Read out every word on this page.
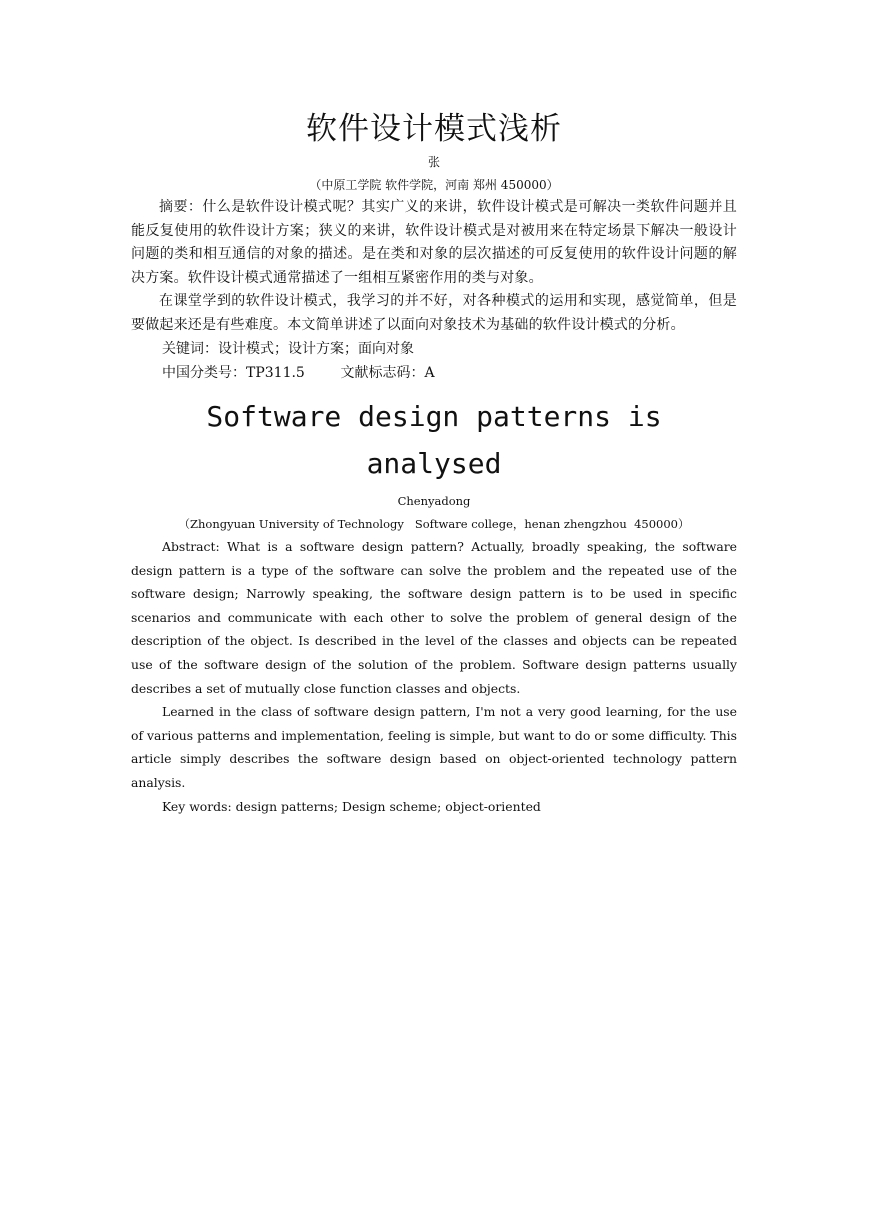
软件设计模式浅析
张
（中原工学院 软件学院，河南 郑州 450000）

摘要：什么是软件设计模式呢？其实广义的来讲，软件设计模式是可解决一类软件问题并且能反复使用的软件设计方案；狭义的来讲，软件设计模式是对被用来在特定场景下解决一般设计问题的类和相互通信的对象的描述。是在类和对象的层次描述的可反复使用的软件设计问题的解决方案。软件设计模式通常描述了一组相互紧密作用的类与对象。

在课堂学到的软件设计模式，我学习的并不好，对各种模式的运用和实现，感觉简单，但是要做起来还是有些难度。本文简单讲述了以面向对象技术为基础的软件设计模式的分析。

关键词：设计模式；设计方案；面向对象

中国分类号：TP311.5        文献标志码：A

Software design patterns is
analysed
Chenyadong
（Zhongyuan University of Technology   Software college，henan zhengzhou  450000）

Abstract: What is a software design pattern? Actually, broadly speaking, the software design pattern is a type of the software can solve the problem and the repeated use of the software design; Narrowly speaking, the software design pattern is to be used in specific scenarios and communicate with each other to solve the problem of general design of the description of the object. Is described in the level of the classes and objects can be repeated use of the software design of the solution of the problem. Software design patterns usually describes a set of mutually close function classes and objects.

Learned in the class of software design pattern, I'm not a very good learning, for the use of various patterns and implementation, feeling is simple, but want to do or some difficulty. This article simply describes the software design based on object-oriented technology pattern analysis.

Key words: design patterns; Design scheme; object-oriented
